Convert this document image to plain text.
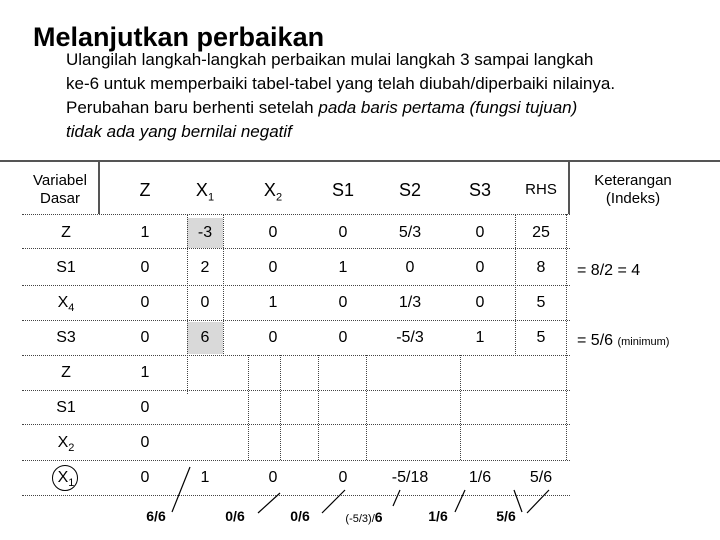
Melanjutkan perbaikan
Ulangilah langkah-langkah perbaikan mulai langkah 3 sampai langkah
ke-6 untuk memperbaiki tabel-tabel yang telah diubah/diperbaiki nilainya.
Perubahan baru berhenti setelah pada baris pertama (fungsi tujuan)
tidak ada yang bernilai negatif
Variabel
Dasar	Z	$X_1$	$X_2$	S1	S2	S3	RHS
Keterangan
(Indeks)
Z	1	-3	0	0	5/3	0	25
S1	0	2	0	1	0	0	8	= 8/2 = 4
$X_4$	0	0	1	0	1/3	0	5
S3	0	6	0	0	-5/3	1	5	= 5/6 (minimum)
Z	1
S1	0
$X_2$	0
$X_1$	0	1	0	0	-5/18	1/6	5/6
6/6	0/6	0/6	(-5/3)/6	1/6	5/6
